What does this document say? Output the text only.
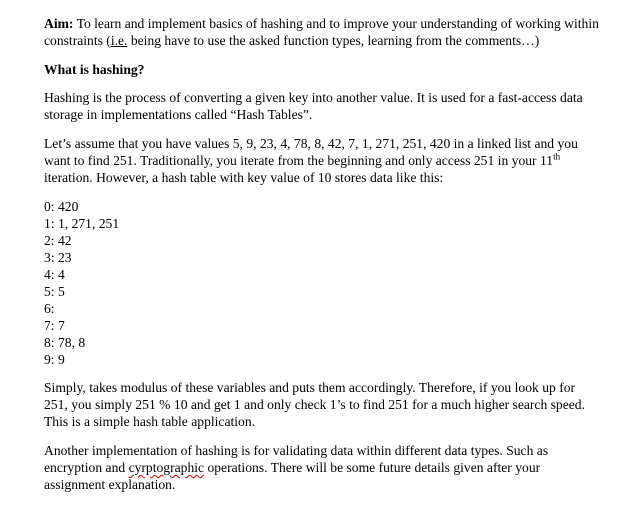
Aim: To learn and implement basics of hashing and to improve your understanding of working within constraints (i.e. being have to use the asked function types, learning from the comments…)

What is hashing?

Hashing is the process of converting a given key into another value. It is used for a fast-access data storage in implementations called “Hash Tables”.

Let’s assume that you have values 5, 9, 23, 4, 78, 8, 42, 7, 1, 271, 251, 420 in a linked list and you want to find 251. Traditionally, you iterate from the beginning and only access 251 in your 11th iteration. However, a hash table with key value of 10 stores data like this:

0: 420
1: 1, 271, 251
2: 42
3: 23
4: 4
5: 5
6:
7: 7
8: 78, 8
9: 9

Simply, takes modulus of these variables and puts them accordingly. Therefore, if you look up for 251, you simply 251 % 10 and get 1 and only check 1’s to find 251 for a much higher search speed. This is a simple hash table application.

Another implementation of hashing is for validating data within different data types. Such as encryption and cyrptographic operations. There will be some future details given after your assignment explanation.
